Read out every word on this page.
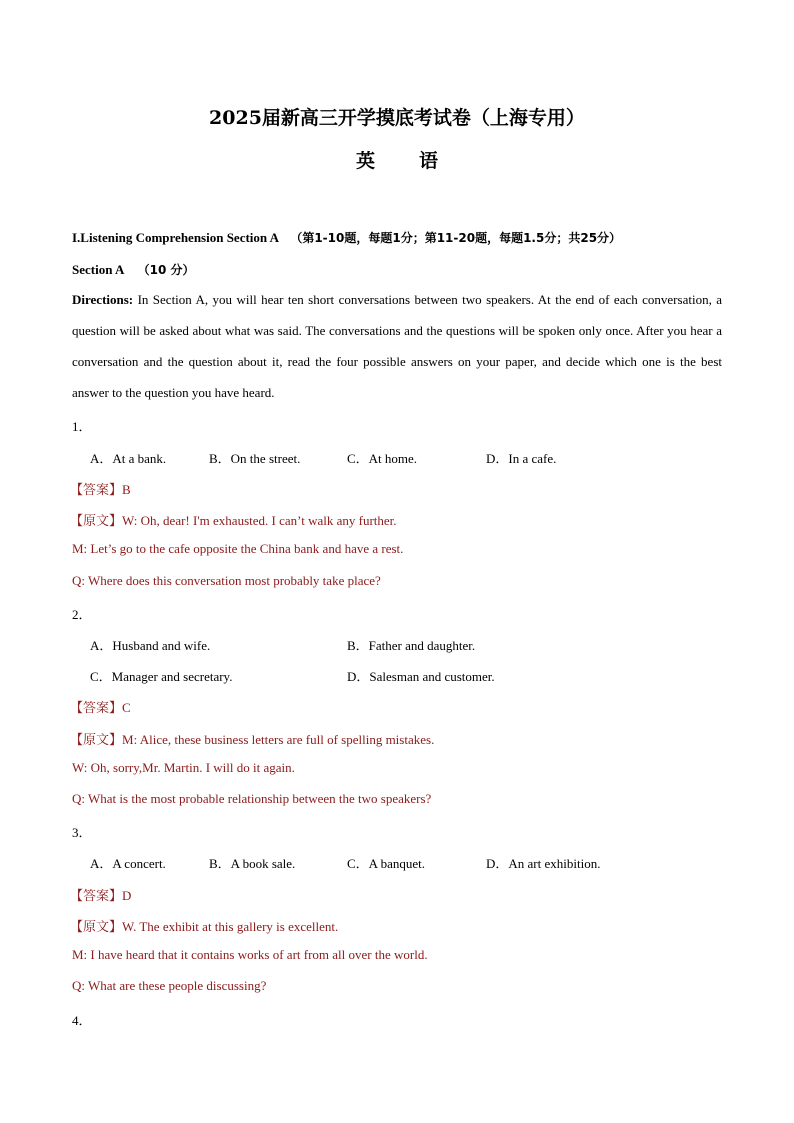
2025届新高三开学摸底考试卷（上海专用）
英语
I.Listening Comprehension Section A （第1-10题，每题1分；第11-20题，每题1.5分；共25分）
Section A （10 分）
Directions: In Section A, you will hear ten short conversations between two speakers. At the end of each conversation, a
question will be asked about what was said. The conversations and the questions will be spoken only once. After you hear a
conversation and the question about it, read the four possible answers on your paper, and decide which one is the best
answer to the question you have heard.
1．
A．At a bank.	B．On the street.	C．At home.	D．In a cafe.
【答案】B
【原文】W: Oh, dear! I'm exhausted. I can’t walk any further.
M: Let’s go to the cafe opposite the China bank and have a rest.
Q: Where does this conversation most probably take place?
2．
A．Husband and wife.	B．Father and daughter.
C．Manager and secretary.	D．Salesman and customer.
【答案】C
【原文】M: Alice, these business letters are full of spelling mistakes.
W: Oh, sorry,Mr. Martin. I will do it again.
Q: What is the most probable relationship between the two speakers?
3．
A．A concert.	B．A book sale.	C．A banquet.	D．An art exhibition.
【答案】D
【原文】W. The exhibit at this gallery is excellent.
M: I have heard that it contains works of art from all over the world.
Q: What are these people discussing?
4．
